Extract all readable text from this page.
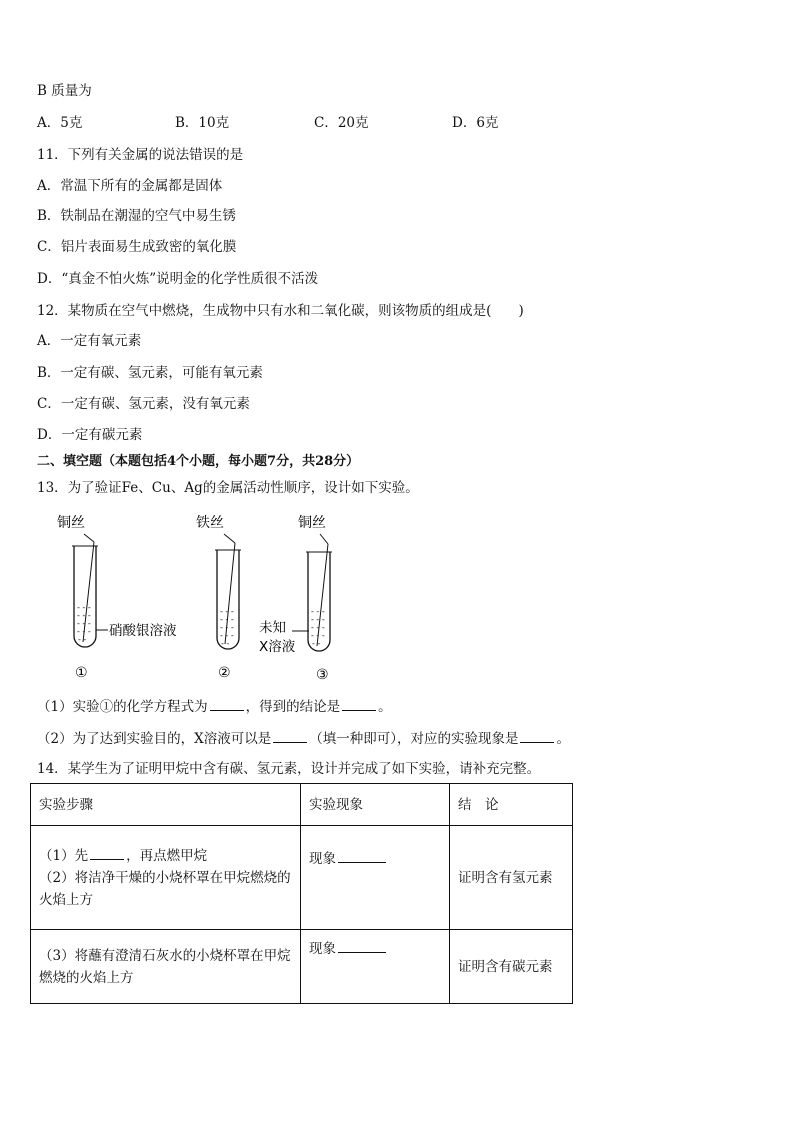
B 质量为
A．5克	B．10克	C．20克	D．6克
11．下列有关金属的说法错误的是
A．常温下所有的金属都是固体
B．铁制品在潮湿的空气中易生锈
C．铝片表面易生成致密的氧化膜
D．“真金不怕火炼”说明金的化学性质很不活泼
12．某物质在空气中燃烧，生成物中只有水和二氧化碳，则该物质的组成是(　　)
A．一定有氧元素
B．一定有碳、氢元素，可能有氧元素
C．一定有碳、氢元素，没有氧元素
D．一定有碳元素
二、填空题（本题包括4个小题，每小题7分，共28分）
13．为了验证Fe、Cu、Ag的金属活动性顺序，设计如下实验。
铜丝
- - -
- - -
- - -
- - -
- -
硝酸银溶液
①
铁丝
- - -
- - -
- - -
- - -
- -
②
铜丝
- - -
- - -
- - -
- - -
- -
未知
X溶液
③
（1）实验①的化学方程式为	，得到的结论是	。
（2）为了达到实验目的，X溶液可以是	（填一种即可），对应的实验现象是	。
14．某学生为了证明甲烷中含有碳、氢元素，设计并完成了如下实验，请补充完整。
实验步骤	实验现象	结　论

（1）先 ，再点燃甲烷
（2）将洁净干燥的小烧杯罩在甲烷燃烧的火焰上方	现象	证明含有氢元素
（3）将蘸有澄清石灰水的小烧杯罩在甲烷燃烧的火焰上方	现象	证明含有碳元素
